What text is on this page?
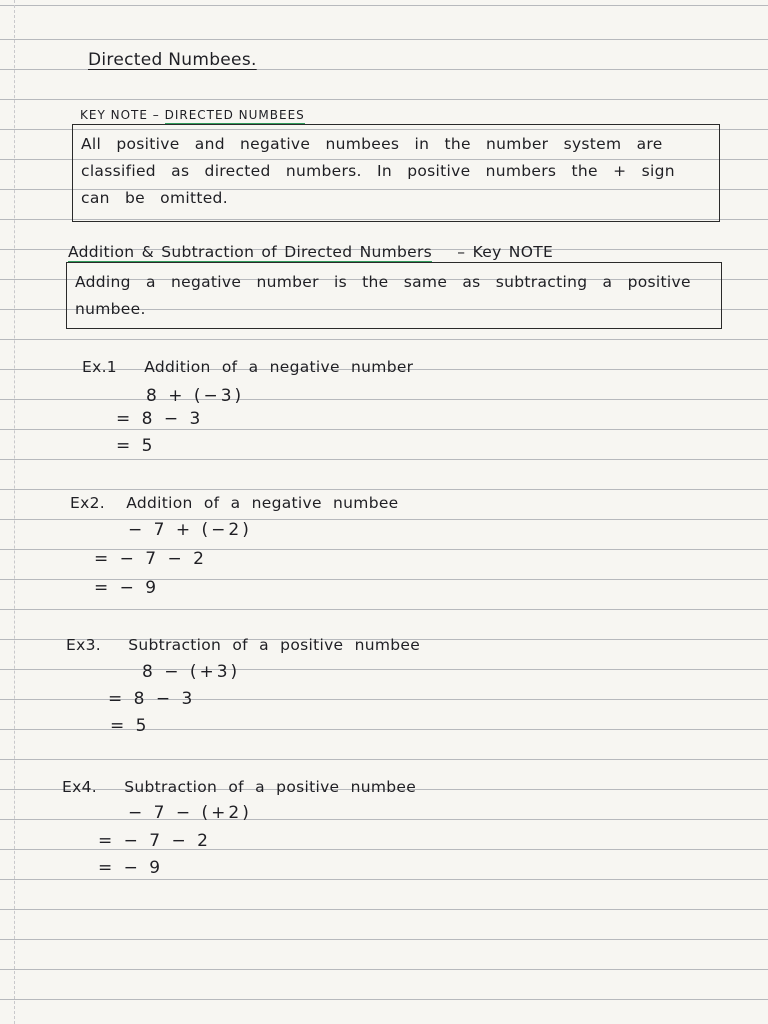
Directed Numbees.
KEY NOTE – DIRECTED NUMBEES
All positive and negative numbees in the number system are classified as directed numbers. In positive numbers the + sign can be omitted.
Addition & Subtraction of Directed Numbers – Key NOTE
Adding a negative number is the same as subtracting a positive numbee.
Ex.1 Addition of a negative number
8 + (−3)
= 8 − 3
= 5
Ex2. Addition of a negative numbee
− 7 + (−2)
= − 7 − 2
= − 9
Ex3. Subtraction of a positive numbee
8 − (+3)
= 8 − 3
= 5
Ex4. Subtraction of a positive numbee
− 7 − (+2)
= − 7 − 2
= − 9
